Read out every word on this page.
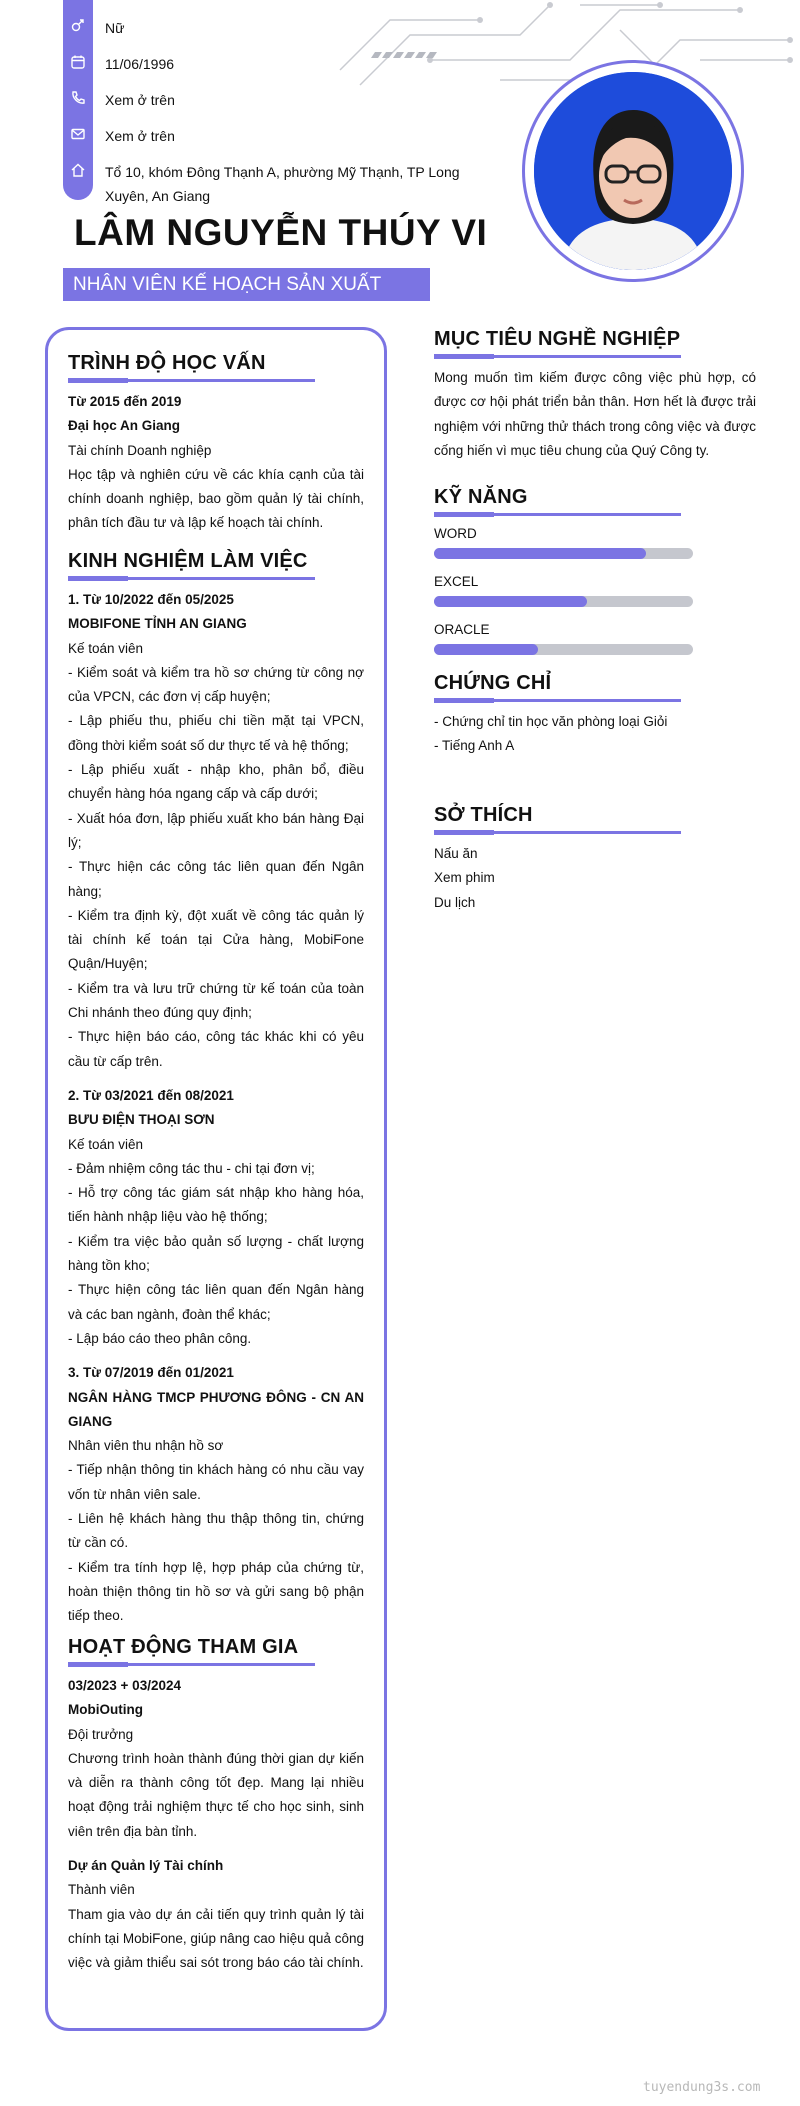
Nữ
11/06/1996
Xem ở trên
Xem ở trên
Tổ 10, khóm Đông Thạnh A, phường Mỹ Thạnh, TP Long Xuyên, An Giang
LÂM NGUYỄN THÚY VI
NHÂN VIÊN KẾ HOẠCH SẢN XUẤT
TRÌNH ĐỘ HỌC VẤN
Từ 2015 đến 2019
Đại học An Giang
Tài chính Doanh nghiệp
Học tập và nghiên cứu về các khía cạnh của tài chính doanh nghiệp, bao gồm quản lý tài chính, phân tích đầu tư và lập kế hoạch tài chính.
KINH NGHIỆM LÀM VIỆC
1. Từ 10/2022 đến 05/2025
MOBIFONE TỈNH AN GIANG
Kế toán viên
- Kiểm soát và kiểm tra hồ sơ chứng từ công nợ của VPCN, các đơn vị cấp huyện;
- Lập phiếu thu, phiếu chi tiền mặt tại VPCN, đồng thời kiểm soát số dư thực tế và hệ thống;
- Lập phiếu xuất - nhập kho, phân bổ, điều chuyển hàng hóa ngang cấp và cấp dưới;
- Xuất hóa đơn, lập phiếu xuất kho bán hàng Đại lý;
- Thực hiện các công tác liên quan đến Ngân hàng;
- Kiểm tra định kỳ, đột xuất về công tác quản lý tài chính kế toán tại Cửa hàng, MobiFone Quận/Huyện;
- Kiểm tra và lưu trữ chứng từ kế toán của toàn Chi nhánh theo đúng quy định;
- Thực hiện báo cáo, công tác khác khi có yêu cầu từ cấp trên.
2. Từ 03/2021 đến 08/2021
BƯU ĐIỆN THOẠI SƠN
Kế toán viên
- Đảm nhiệm công tác thu - chi tại đơn vị;
- Hỗ trợ công tác giám sát nhập kho hàng hóa, tiến hành nhập liệu vào hệ thống;
- Kiểm tra việc bảo quản số lượng - chất lượng hàng tồn kho;
- Thực hiện công tác liên quan đến Ngân hàng và các ban ngành, đoàn thể khác;
- Lập báo cáo theo phân công.
3. Từ 07/2019 đến 01/2021
NGÂN HÀNG TMCP PHƯƠNG ĐÔNG - CN AN GIANG
Nhân viên thu nhận hồ sơ
- Tiếp nhận thông tin khách hàng có nhu cầu vay vốn từ nhân viên sale.
- Liên hệ khách hàng thu thập thông tin, chứng từ cần có.
- Kiểm tra tính hợp lệ, hợp pháp của chứng từ, hoàn thiện thông tin hồ sơ và gửi sang bộ phận tiếp theo.
HOẠT ĐỘNG THAM GIA
03/2023 + 03/2024
MobiOuting
Đội trưởng
Chương trình hoàn thành đúng thời gian dự kiến và diễn ra thành công tốt đẹp. Mang lại nhiều hoạt động trải nghiệm thực tế cho học sinh, sinh viên trên địa bàn tỉnh.
Dự án Quản lý Tài chính
Thành viên
Tham gia vào dự án cải tiến quy trình quản lý tài chính tại MobiFone, giúp nâng cao hiệu quả công việc và giảm thiểu sai sót trong báo cáo tài chính.
MỤC TIÊU NGHỀ NGHIỆP
Mong muốn tìm kiếm được công việc phù hợp, có được cơ hội phát triển bản thân. Hơn hết là được trải nghiệm với những thử thách trong công việc và được cống hiến vì mục tiêu chung của Quý Công ty.
KỸ NĂNG
WORD
EXCEL
ORACLE
CHỨNG CHỈ
- Chứng chỉ tin học văn phòng loại Giỏi
- Tiếng Anh A
SỞ THÍCH
Nấu ăn
Xem phim
Du lịch
tuyendung3s.com
